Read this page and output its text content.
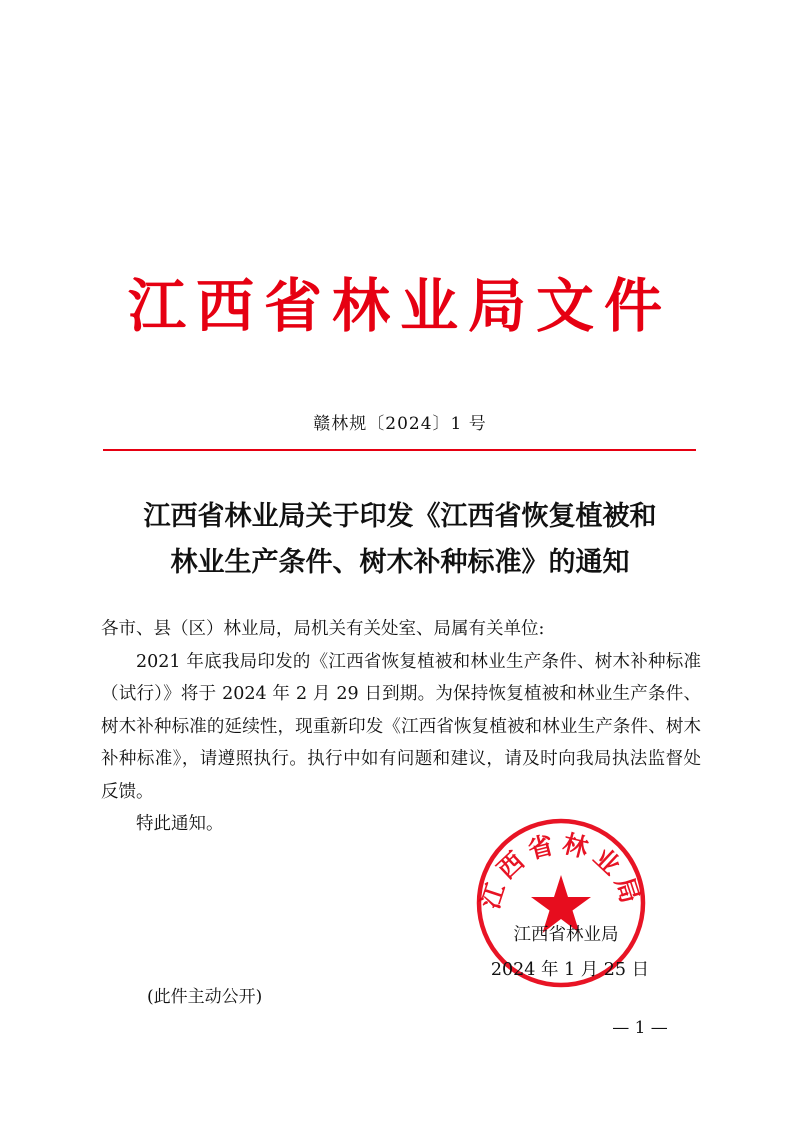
江西省林业局文件
赣林规〔2024〕1 号
江西省林业局关于印发《江西省恢复植被和
林业生产条件、树木补种标准》的通知
各市、县（区）林业局，局机关有关处室、局属有关单位:

2021 年底我局印发的《江西省恢复植被和林业生产条件、树木补种标准（试行）》将于 2024 年 2 月 29 日到期。为保持恢复植被和林业生产条件、树木补种标准的延续性，现重新印发《江西省恢复植被和林业生产条件、树木补种标准》，请遵照执行。执行中如有问题和建议，请及时向我局执法监督处反馈。

特此通知。

江西省林业局
江西省林业局
2024 年 1 月 25 日
(此件主动公开)
— 1 —
